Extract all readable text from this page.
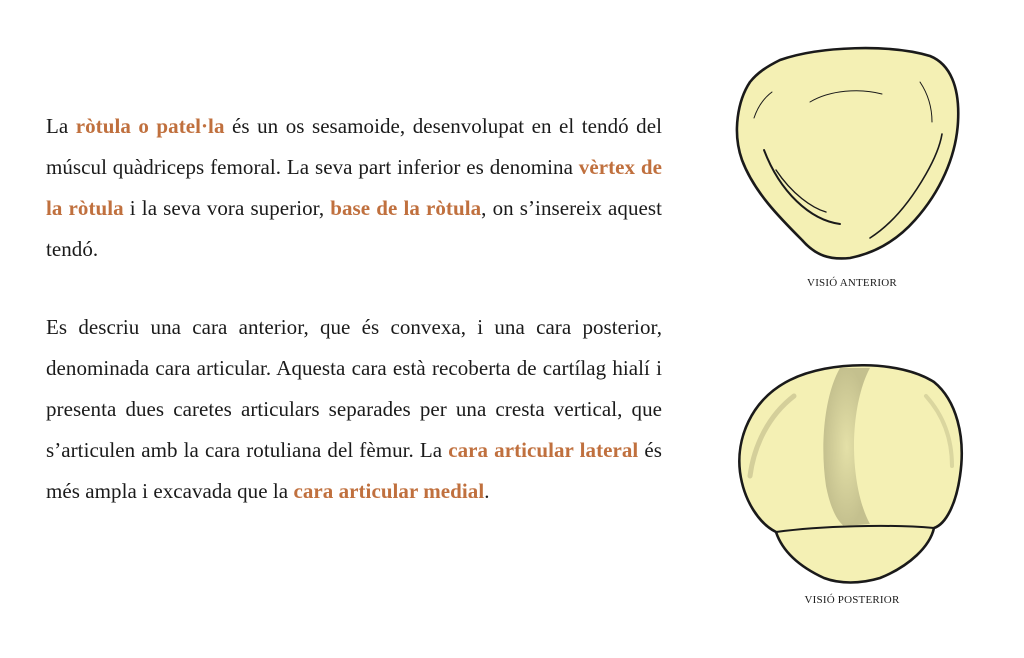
La ròtula o patel·la és un os sesamoide, desenvolupat en el tendó del múscul quàdriceps femoral. La seva part inferior es denomina vèrtex de la ròtula i la seva vora superior, base de la ròtula, on s’insereix aquest tendó.

Es descriu una cara anterior, que és convexa, i una cara posterior, denominada cara articular. Aquesta cara està recoberta de cartílag hialí i presenta dues caretes articulars separades per una cresta vertical, que s’articulen amb la cara rotuliana del fèmur. La cara articular lateral és més ampla i excavada que la cara articular medial.

VISIÓ ANTERIOR
VISIÓ POSTERIOR
